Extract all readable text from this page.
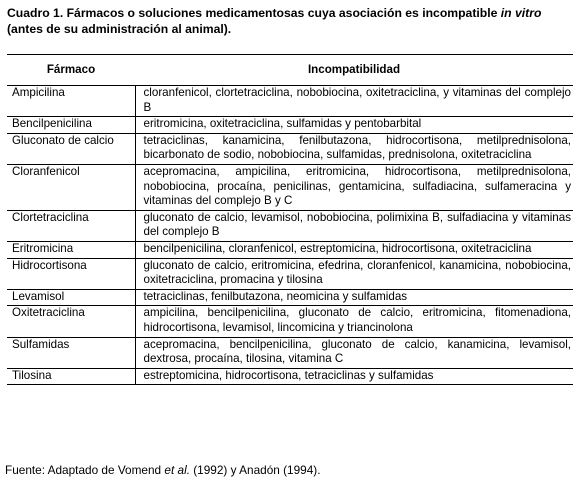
Cuadro 1. Fármacos o soluciones medicamentosas cuya asociación es incompatible in vitro (antes de su administración al animal).
Fármaco	Incompatibilidad
Ampicilina	cloranfenicol, clortetraciclina, nobobiocina, oxitetraciclina, y vitaminas del complejo B
Bencilpenicilina	eritromicina, oxitetraciclina, sulfamidas y pentobarbital
Gluconato de calcio	tetraciclinas, kanamicina, fenilbutazona, hidrocortisona, metilprednisolona, bicarbonato de sodio, nobobiocina, sulfamidas, prednisolona, oxitetraciclina
Cloranfenicol	acepromacina, ampicilina, eritromicina, hidrocortisona, metilprednisolona, nobobiocina, procaína, penicilinas, gentamicina, sulfadiacina, sulfameracina y vitaminas del complejo B y C
Clortetraciclina	gluconato de calcio, levamisol, nobobiocina, polimixina B, sulfadiacina y vitaminas del complejo B
Eritromicina	bencilpenicilina, cloranfenicol, estreptomicina, hidrocortisona, oxitetraciclina
Hidrocortisona	gluconato de calcio, eritromicina, efedrina, cloranfenicol, kanamicina, nobobiocina, oxitetraciclina, promacina y tilosina
Levamisol	tetraciclinas, fenilbutazona, neomicina y sulfamidas
Oxitetraciclina	ampicilina, bencilpenicilina, gluconato de calcio, eritromicina, fitomenadiona, hidrocortisona, levamisol, lincomicina y triancinolona
Sulfamidas	acepromacina, bencilpenicilina, gluconato de calcio, kanamicina, levamisol, dextrosa, procaína, tilosina, vitamina C
Tilosina	estreptomicina, hidrocortisona, tetraciclinas y sulfamidas
Fuente: Adaptado de Vomend et al. (1992) y Anadón (1994).
